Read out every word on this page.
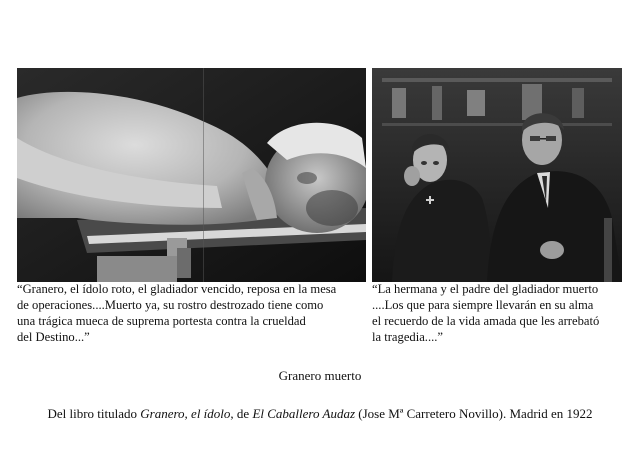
“Granero, el ídolo roto, el gladiador vencido, reposa en la mesa
de operaciones....Muerto ya, su rostro destrozado tiene como
una trágica mueca de suprema portesta contra la crueldad
del Destino...”

“La hermana y el padre del gladiador muerto
....Los que para siempre llevarán en su alma
el recuerdo de la vida amada que les arrebató
la tragedia....”

Granero muerto

Del libro titulado Granero, el ídolo, de El Caballero Audaz (Jose Mª Carretero Novillo). Madrid en 1922
